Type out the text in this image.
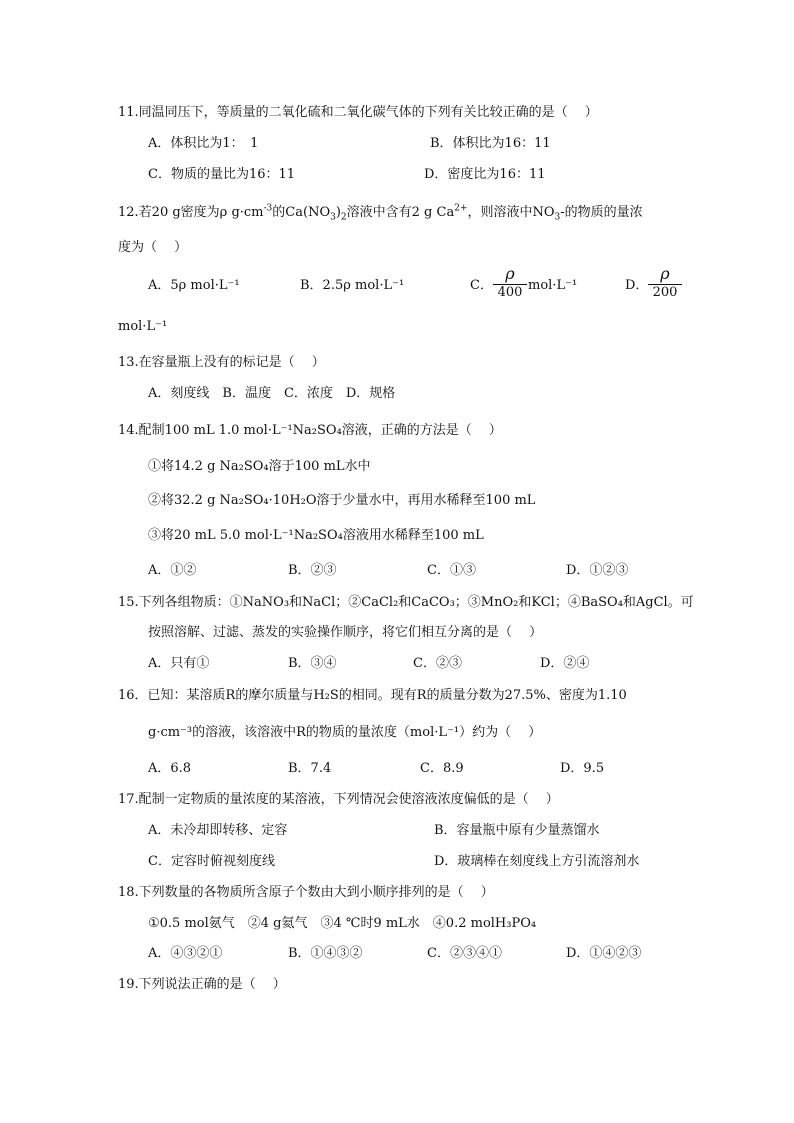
11.同温同压下，等质量的二氧化硫和二氧化碳气体的下列有关比较正确的是（　 ）
A．体积比为1：　1	B．体积比为16：11
C．物质的量比为16：11	D．密度比为16：11
12.若20 g密度为ρ $g\cdot cm^{-3}$的$Ca(NO_3)_2$溶液中含有2 g $Ca^{2+}$，则溶液中$NO_3-$的物质的量浓
度为（　 ）
A．5ρ mol·L⁻¹	B．2.5ρ mol·L⁻¹	C．
ρ
400 mol·L⁻¹	D．
ρ
200
mol·L⁻¹
13.在容量瓶上没有的标记是（　 ）
A．刻度线　B．温度　C．浓度　D．规格
14.配制100 mL 1.0 mol·L⁻¹Na₂SO₄溶液，正确的方法是（　 ）
①将14.2 g Na₂SO₄溶于100 mL水中
②将32.2 g Na₂SO₄·10H₂O溶于少量水中，再用水稀释至100 mL
③将20 mL 5.0 mol·L⁻¹Na₂SO₄溶液用水稀释至100 mL
A．①②	B．②③	C．①③	D．①②③
15.下列各组物质：①NaNO₃和NaCl；②CaCl₂和CaCO₃；③MnO₂和KCl；④BaSO₄和AgCl。可
按照溶解、过滤、蒸发的实验操作顺序，将它们相互分离的是（　 ）
A．只有①	B．③④	C．②③	D．②④
16．已知：某溶质R的摩尔质量与H₂S的相同。现有R的质量分数为27.5%、密度为1.10
g·cm⁻³的溶液，该溶液中R的物质的量浓度（mol·L⁻¹）约为（　 ）
A．6.8	B．7.4	C．8.9	D．9.5
17.配制一定物质的量浓度的某溶液，下列情况会使溶液浓度偏低的是（　 ）
A．未冷却即转移、定容	B．容量瓶中原有少量蒸馏水
C．定容时俯视刻度线	D．玻璃棒在刻度线上方引流溶剂水
18.下列数量的各物质所含原子个数由大到小顺序排列的是（　 ）
①0.5 mol氨气　②4 g氦气　③4 ℃时9 mL水　④0.2 molH₃PO₄
A．④③②①	B．①④③②	C．②③④①	D．①④②③
19.下列说法正确的是（　 ）
